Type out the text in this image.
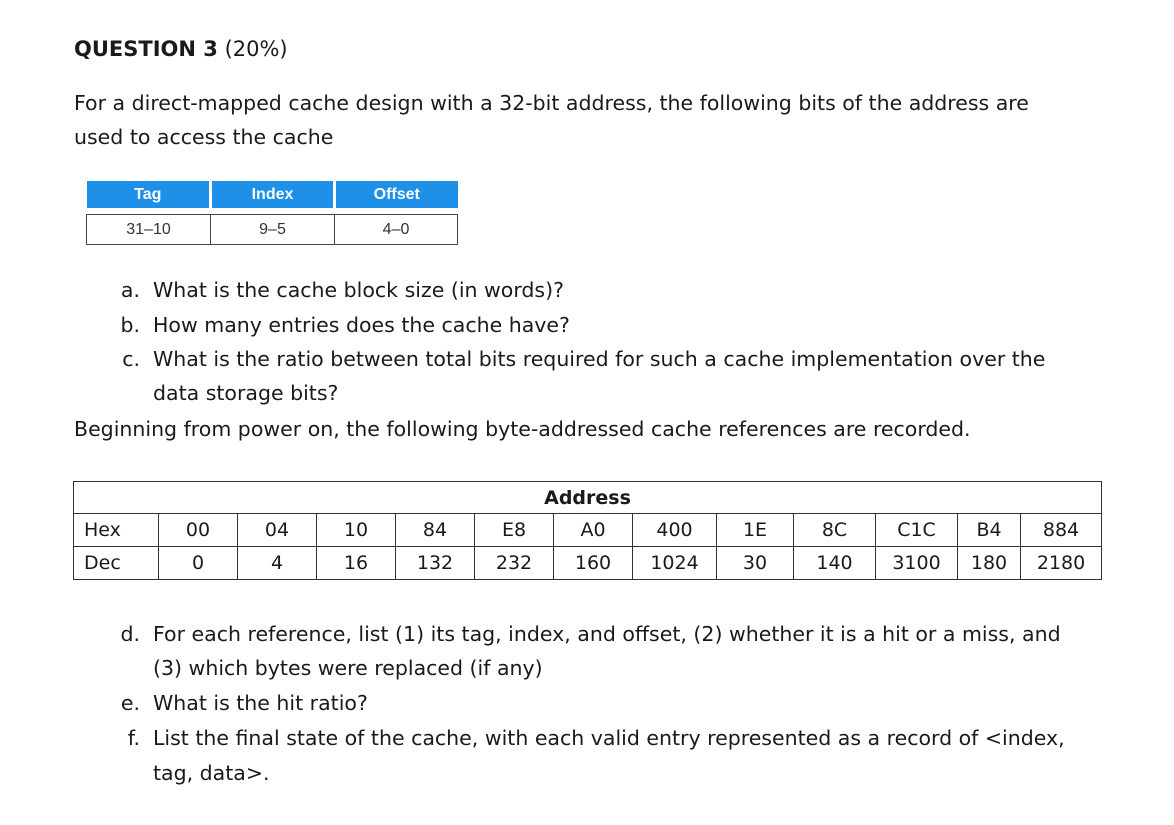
QUESTION 3 (20%)
For a direct-mapped cache design with a 32-bit address, the following bits of the address are
used to access the cache
Tag	Index	Offset

31–10	9–5	4–0
a. What is the cache block size (in words)?
b. How many entries does the cache have?
c. What is the ratio between total bits required for such a cache implementation over the
data storage bits?
Beginning from power on, the following byte-addressed cache references are recorded.
Address												
Hex	00	04	10	84	E8	A0	400	1E	8C	C1C	B4	884
Dec	0	4	16	132	232	160	1024	30	140	3100	180	2180
d. For each reference, list (1) its tag, index, and offset, (2) whether it is a hit or a miss, and
(3) which bytes were replaced (if any)
e. What is the hit ratio?
f. List the final state of the cache, with each valid entry represented as a record of <index,
tag, data>.
